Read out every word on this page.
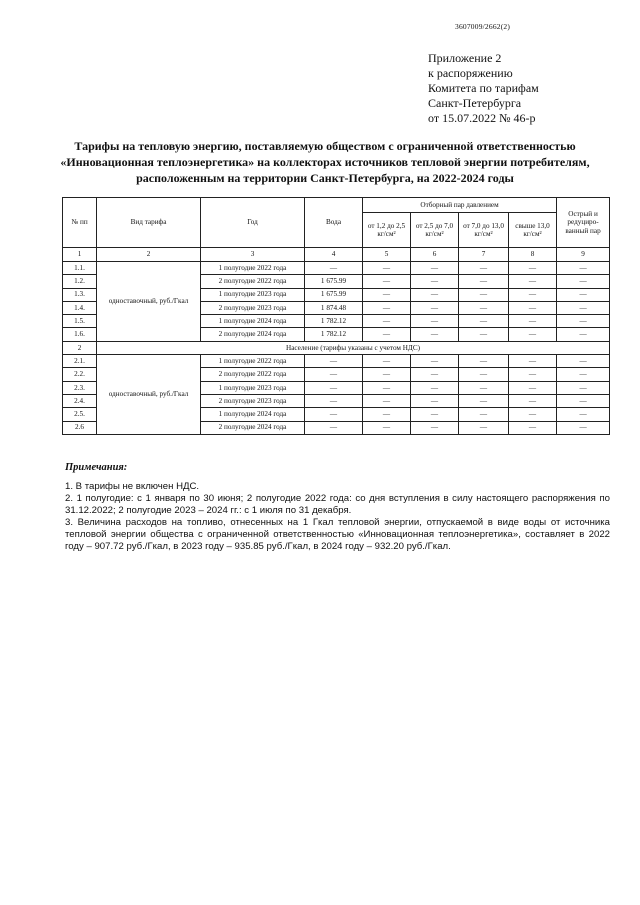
3607009/2662(2)
Приложение 2
к распоряжению
Комитета по тарифам
Санкт-Петербурга
от 15.07.2022 № 46-р
Тарифы на тепловую энергию, поставляемую обществом с ограниченной ответственностью «Инновационная теплоэнергетика» на коллекторах источников тепловой энергии потребителям, расположенным на территории Санкт-Петербурга, на 2022-2024 годы
№ пп	Вид тарифа	Год	Вода	Отборный пар давлением				Острый и редуциро-ванный пар
				от 1,2 до 2,5 кг/см²	от 2,5 до 7,0 кг/см²	от 7,0 до 13,0 кг/см²	свыше 13,0 кг/см²	
1	2	3	4	5	6	7	8	9
1.1.	одноставочный, руб./Гкал	1 полугодие 2022 года	—	—	—	—	—	—
1.2.		2 полугодие 2022 года	1 675.99	—	—	—	—	—
1.3.		1 полугодие 2023 года	1 675.99	—	—	—	—	—
1.4.		2 полугодие 2023 года	1 874.48	—	—	—	—	—
1.5.		1 полугодие 2024 года	1 782.12	—	—	—	—	—
1.6.		2 полугодие 2024 года	1 782.12	—	—	—	—	—
2	Население (тарифы указаны с учетом НДС)							
2.1.	одноставочный, руб./Гкал	1 полугодие 2022 года	—	—	—	—	—	—
2.2.		2 полугодие 2022 года	—	—	—	—	—	—
2.3.		1 полугодие 2023 года	—	—	—	—	—	—
2.4.		2 полугодие 2023 года	—	—	—	—	—	—
2.5.		1 полугодие 2024 года	—	—	—	—	—	—
2.6		2 полугодие 2024 года	—	—	—	—	—	—
Примечания:

1. В тарифы не включен НДС.

2. 1 полугодие: с 1 января по 30 июня; 2 полугодие 2022 года: со дня вступления в силу настоящего распоряжения по 31.12.2022; 2 полугодие 2023 – 2024 гг.: с 1 июля по 31 декабря.

3. Величина расходов на топливо, отнесенных на 1 Гкал тепловой энергии, отпускаемой в виде воды от источника тепловой энергии общества с ограниченной ответственностью «Инновационная теплоэнергетика», составляет в 2022 году – 907.72 руб./Гкал, в 2023 году – 935.85 руб./Гкал, в 2024 году – 932.20 руб./Гкал.
